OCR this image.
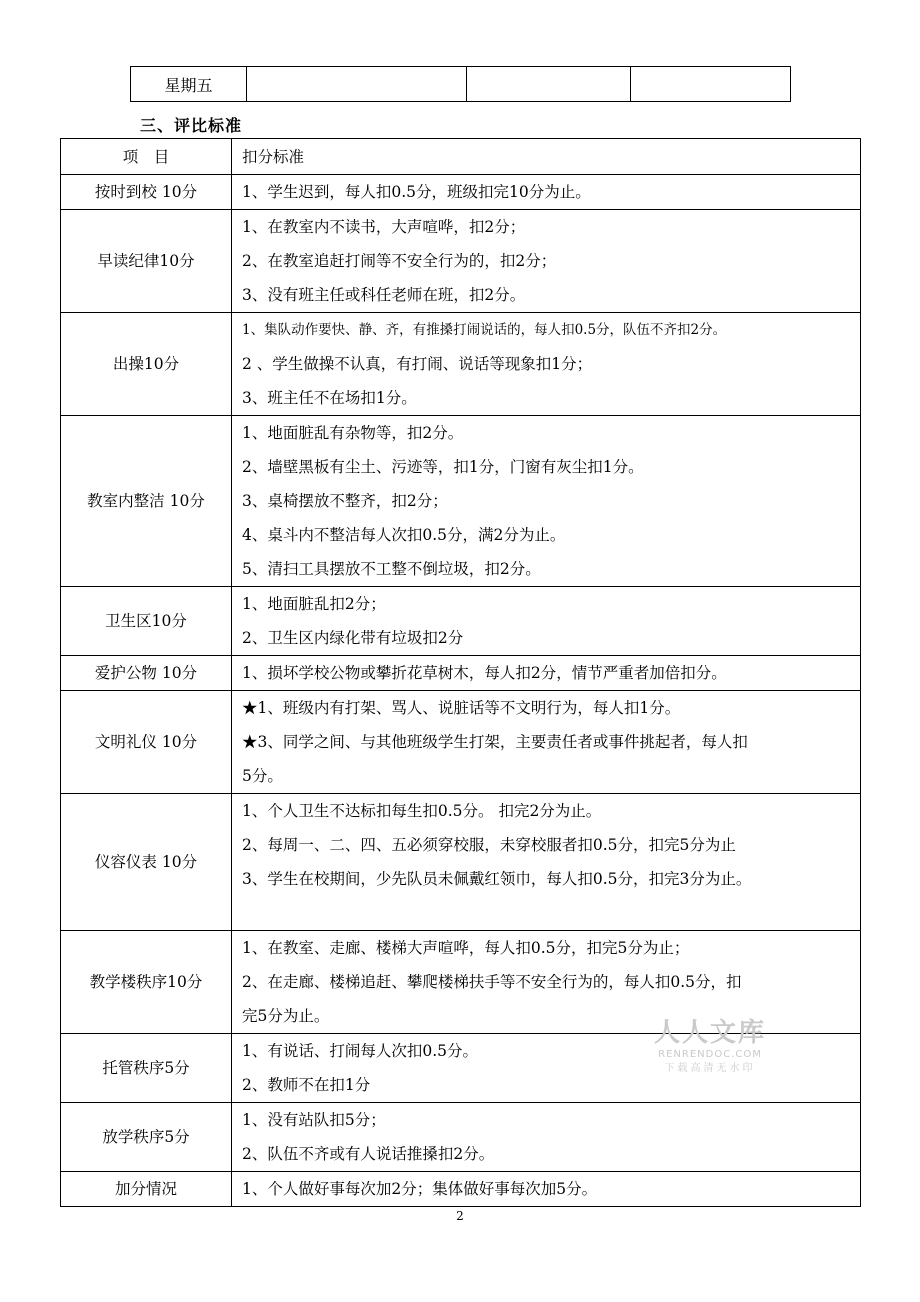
星期五			
三、评比标准
项　目	扣分标准
按时到校 10分	1、学生迟到，每人扣0.5分，班级扣完10分为止。

早读纪律10分	1、在教室内不读书，大声喧哗，扣2分；
2、在教室追赶打闹等不安全行为的，扣2分；
3、没有班主任或科任老师在班，扣2分。

出操10分	1、集队动作要快、静、齐，有推搡打闹说话的，每人扣0.5分，队伍不齐扣2分。
2 、学生做操不认真，有打闹、说话等现象扣1分；
3、班主任不在场扣1分。

教室内整洁 10分	1、地面脏乱有杂物等，扣2分。
2、墙壁黑板有尘土、污迹等，扣1分，门窗有灰尘扣1分。
3、桌椅摆放不整齐，扣2分；
4、桌斗内不整洁每人次扣0.5分，满2分为止。
5、清扫工具摆放不工整不倒垃圾，扣2分。

卫生区10分	1、地面脏乱扣2分；
2、卫生区内绿化带有垃圾扣2分

爱护公物 10分	1、损坏学校公物或攀折花草树木，每人扣2分，情节严重者加倍扣分。

文明礼仪 10分	★1、班级内有打架、骂人、说脏话等不文明行为，每人扣1分。
★3、同学之间、与其他班级学生打架，主要责任者或事件挑起者，每人扣
5分。

仪容仪表 10分	1、个人卫生不达标扣每生扣0.5分。 扣完2分为止。
2、每周一、二、四、五必须穿校服，未穿校服者扣0.5分，扣完5分为止
3、学生在校期间，少先队员未佩戴红领巾，每人扣0.5分，扣完3分为止。

教学楼秩序10分	1、在教室、走廊、楼梯大声喧哗，每人扣0.5分，扣完5分为止；
2、在走廊、楼梯追赶、攀爬楼梯扶手等不安全行为的，每人扣0.5分，扣
完5分为止。

托管秩序5分	1、有说话、打闹每人次扣0.5分。
2、教师不在扣1分

放学秩序5分	1、没有站队扣5分；
2、队伍不齐或有人说话推搡扣2分。

加分情况	1、个人做好事每次加2分；集体做好事每次加5分。
2
人人文库
RENRENDOC.COM
下载高清无水印
